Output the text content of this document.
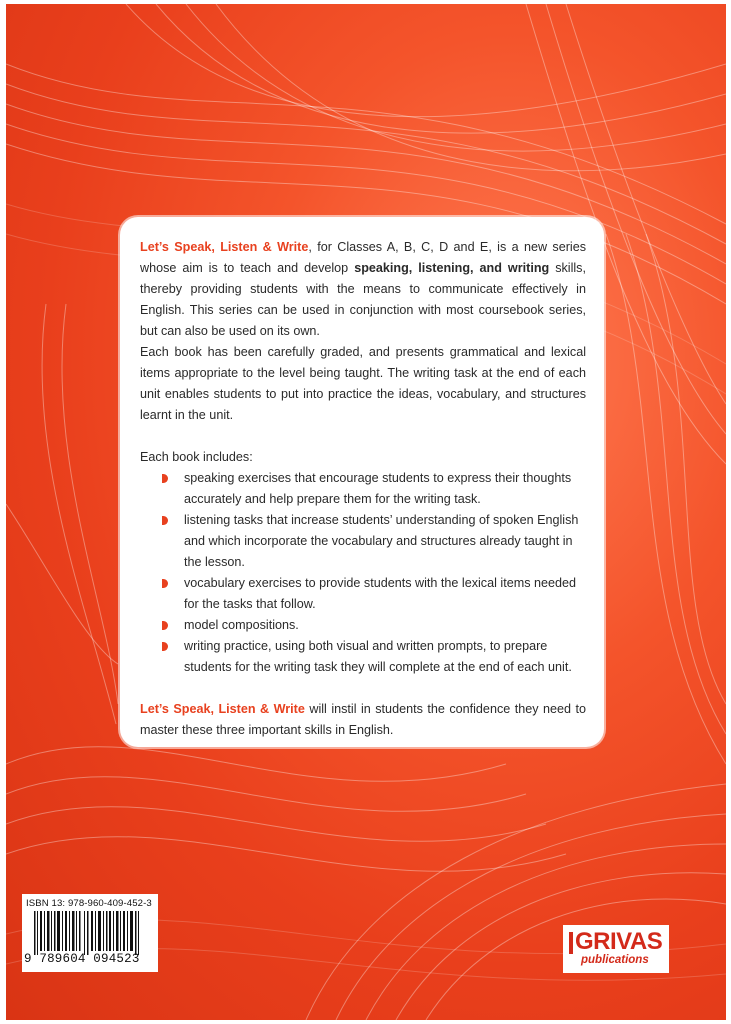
Let’s Speak, Listen & Write, for Classes A, B, C, D and E, is a new series whose aim is to teach and develop speaking, listening, and writing skills, thereby providing students with the means to communicate effectively in English. This series can be used in conjunction with most coursebook series, but can also be used on its own.

Each book has been carefully graded, and presents grammatical and lexical items appropriate to the level being taught. The writing task at the end of each unit enables students to put into practice the ideas, vocabulary, and structures learnt in the unit.

Each book includes:

speaking exercises that encourage students to express their thoughts accurately and help prepare them for the writing task.
listening tasks that increase students’ understanding of spoken English and which incorporate the vocabulary and structures already taught in the lesson.
vocabulary exercises to provide students with the lexical items needed for the tasks that follow.
model compositions.
writing practice, using both visual and written prompts, to prepare students for the writing task they will complete at the end of each unit.

Let’s Speak, Listen & Write will instil in students the confidence they need to master these three important skills in English.

ISBN 13: 978-960-409-452-3
9 789604 094523
GRIVAS
publications
